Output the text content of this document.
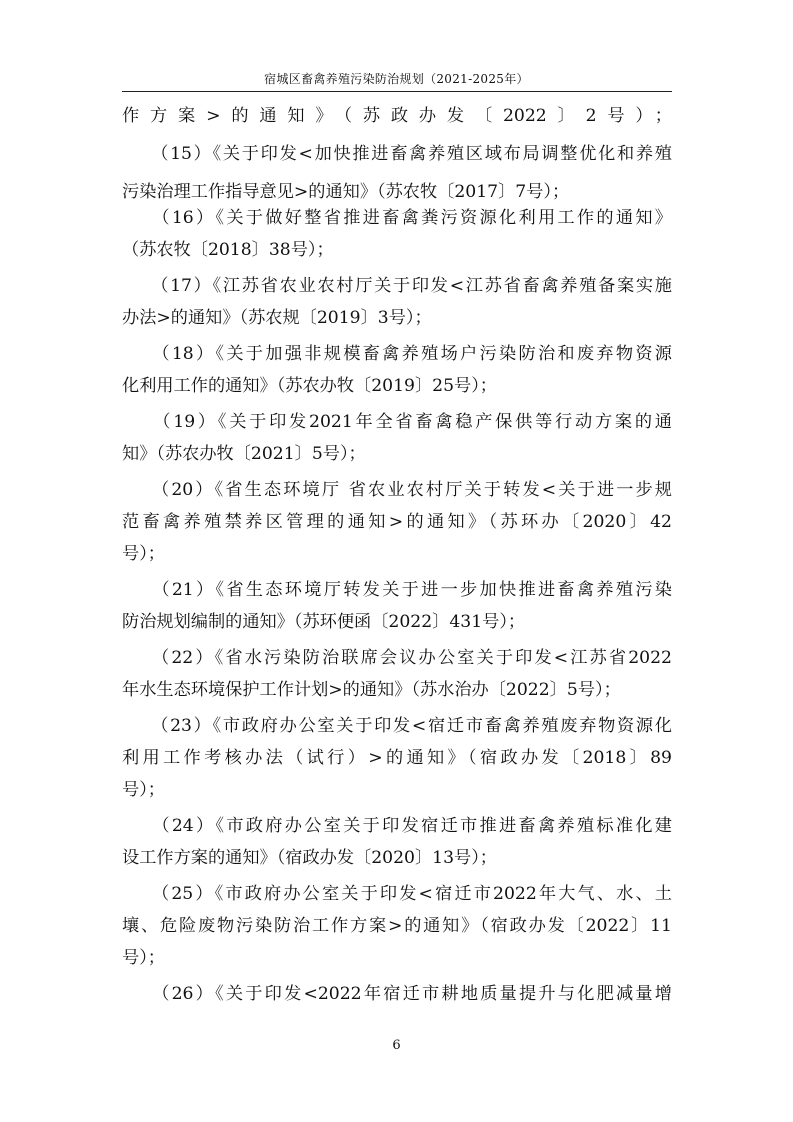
宿城区畜禽养殖污染防治规划（2021-2025年）
作方案>的通知》（苏政办发〔2022〕2号）；
　　（15）《关于印发<加快推进畜禽养殖区域布局调整优化和养殖
污染治理工作指导意见>的通知》（苏农牧〔2017〕7号）；
　　（16）《关于做好整省推进畜禽粪污资源化利用工作的通知》
（苏农牧〔2018〕38号）；
　　（17）《江苏省农业农村厅关于印发<江苏省畜禽养殖备案实施
办法>的通知》（苏农规〔2019〕3号）；
　　（18）《关于加强非规模畜禽养殖场户污染防治和废弃物资源
化利用工作的通知》（苏农办牧〔2019〕25号）；
　　（19）《关于印发2021年全省畜禽稳产保供等行动方案的通
知》（苏农办牧〔2021〕5号）；
　　（20）《省生态环境厅 省农业农村厅关于转发<关于进一步规
范畜禽养殖禁养区管理的通知>的通知》（苏环办〔2020〕42
号）；
　　（21）《省生态环境厅转发关于进一步加快推进畜禽养殖污染
防治规划编制的通知》（苏环便函〔2022〕431号）；
　　（22）《省水污染防治联席会议办公室关于印发<江苏省2022
年水生态环境保护工作计划>的通知》（苏水治办〔2022〕5号）；
　　（23）《市政府办公室关于印发<宿迁市畜禽养殖废弃物资源化
利用工作考核办法（试行）>的通知》（宿政办发〔2018〕89
号）；
　　（24）《市政府办公室关于印发宿迁市推进畜禽养殖标准化建
设工作方案的通知》（宿政办发〔2020〕13号）；
　　（25）《市政府办公室关于印发<宿迁市2022年大气、水、土
壤、危险废物污染防治工作方案>的通知》（宿政办发〔2022〕11
号）；
　　（26）《关于印发<2022年宿迁市耕地质量提升与化肥减量增
6
